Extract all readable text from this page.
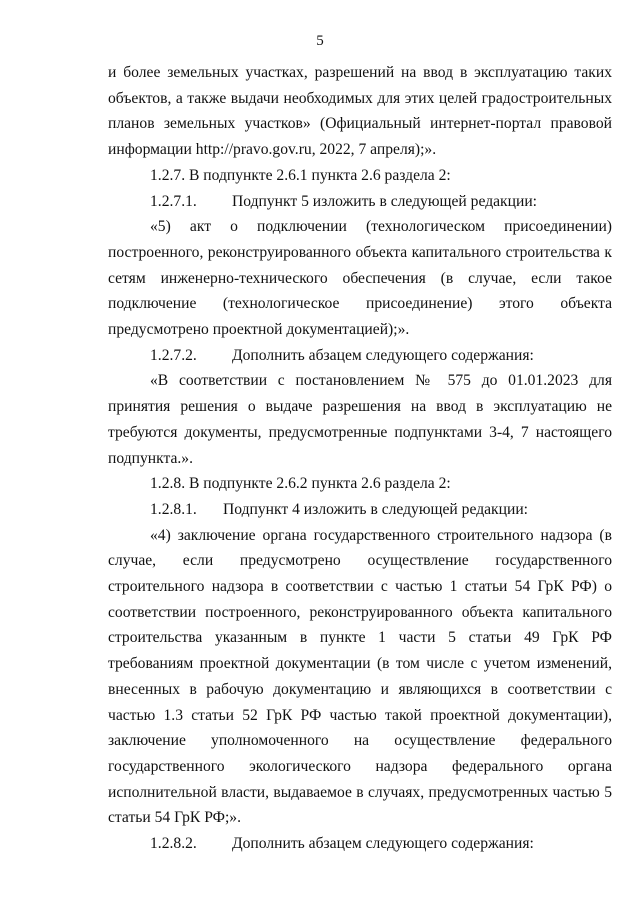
5

и более земельных участках, разрешений на ввод в эксплуатацию таких объектов, а также выдачи необходимых для этих целей градостроительных планов земельных участков» (Официальный интернет-портал правовой информации http://pravo.gov.ru, 2022, 7 апреля);».

1.2.7. В подпункте 2.6.1 пункта 2.6 раздела 2:

1.2.7.1. Подпункт 5 изложить в следующей редакции:

«5) акт о подключении (технологическом присоединении) построенного, реконструированного объекта капитального строительства к сетям инженерно-технического обеспечения (в случае, если такое подключение (технологическое присоединение) этого объекта предусмотрено проектной документацией);».

1.2.7.2. Дополнить абзацем следующего содержания:

«В соответствии с постановлением № 575 до 01.01.2023 для принятия решения о выдаче разрешения на ввод в эксплуатацию не требуются документы, предусмотренные подпунктами 3-4, 7 настоящего подпункта.».

1.2.8. В подпункте 2.6.2 пункта 2.6 раздела 2:

1.2.8.1. Подпункт 4 изложить в следующей редакции:

«4) заключение органа государственного строительного надзора (в случае, если предусмотрено осуществление государственного строительного надзора в соответствии с частью 1 статьи 54 ГрК РФ) о соответствии построенного, реконструированного объекта капитального строительства указанным в пункте 1 части 5 статьи 49 ГрК РФ требованиям проектной документации (в том числе с учетом изменений, внесенных в рабочую документацию и являющихся в соответствии с частью 1.3 статьи 52 ГрК РФ частью такой проектной документации), заключение уполномоченного на осуществление федерального государственного экологического надзора федерального органа исполнительной власти, выдаваемое в случаях, предусмотренных частью 5 статьи 54 ГрК РФ;».

1.2.8.2. Дополнить абзацем следующего содержания:
